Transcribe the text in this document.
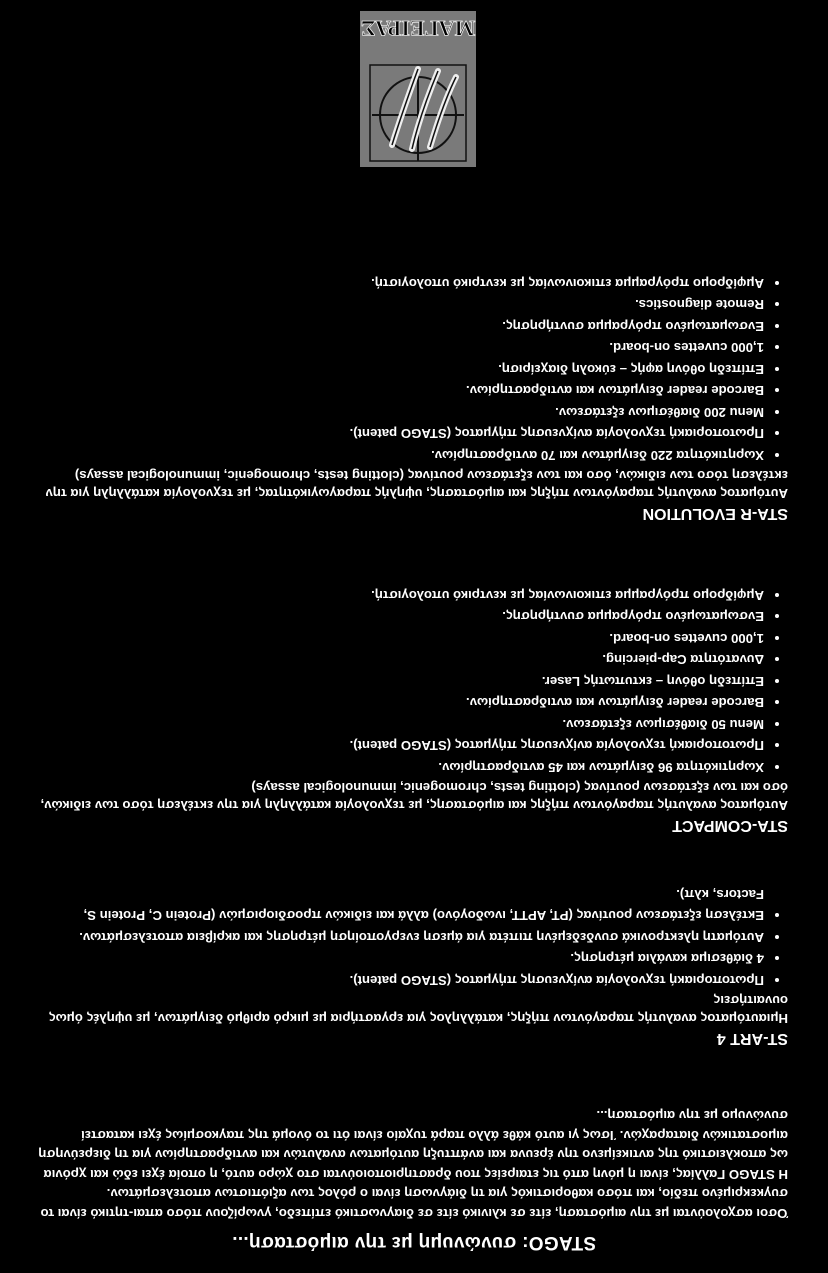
STAGO: συνώνυμη με την αιμόσταση...

Όσοι ασχολούνται με την αιμόσταση, είτε σε κλινικό είτε σε διαγνωστικό επίπεδο, γνωρίζουν πόσο απαι-τητικό είναι το συγκεκριμένο πεδίο, και πόσο καθοριστικός για τη διάγνωση είναι ο ρόλος των αξιόπιστων αποτελεσμάτων.

Η STAGO Γαλλίας, είναι η μόνη από τις εταιρείες που δραστηριοποιούνται στο χώρο αυτό, η οποία έχει εδώ και χρόνια ως αποκλειστικό της αντικείμενο την έρευνα και ανάπτυξη αυτόματων αναλυτών και αντιδραστηρίων για τη διερεύνηση αιμοστατικών διαταραχών. Ίσως γι αυτό κάθε άλλο παρά τυχαίο είναι ότι το όνομά της παγκοσμίως έχει καταστεί συνώνυμο με την αιμόσταση...

ST-ART 4

Ημιαυτόματος αναλυτής παραγόντων πήξης, κατάλληλος για εργαστήρια με μικρό αριθμό δειγμάτων, με υψηλές όμως ουναιτήσεις

• Πρωτοποριακή τεχνολογία ανίχνευσης πήγματος (STAGO patent).
• 4 διάθεσιμα κανάλια μέτρησης.
• Αυτόματη ηλεκτρονικά συνδεδεμένη πιπέτα για άμεση ενεργοποίηση μέτρησης και ακρίβεια αποτελεσμάτων.
• Εκτέλεση εξετάσεων ρουτίνας (PT, APTT, ινωδογόνο) αλλά και ειδικών προσδιορισμών (Protein C, Protein S, Factors, κλπ).
STA-COMPACT

Αυτόματος αναλυτής παραγόντων πήξης και αιμόστασης, με τεχνολογία κατάλληλη για την εκτέλεση τόσο των ειδικών, όσο και των εξετάσεων ρουτίνας (clotting tests, chromogenic, immunological assays)

• Χωρητικότητα 96 δειγμάτων και 45 αντιδραστηρίων.
• Πρωτοποριακή τεχνολογία ανίχνευσης πήγματος (STAGO patent).
• Menu 50 διαθέσιμων εξετάσεων.
• Barcode reader δειγμάτων και αντιδραστηρίων.
• Επίπεδη οθόνη – εκτυπωτής Laser.
• Δυνατότητα Cap-piercing.
• 1,000 cuvettes on-board.
• Ενσωματωμένο πρόγραμμα συντήρησης.
• Αμφίδρομο πρόγραμμα επικοινωνίας με κεντρικό υπολογιστή.
STA-R EVOLUTION

Αυτόματος αναλυτής παραγόντων πήξης και αιμόστασης, υψηλής παραγωγικότητας, με τεχνολογία κατάλληλη για την εκτέλεση τόσο των ειδικών, όσο και των εξετάσεων ρουτίνας (clotting tests, chromogenic, immunological assays)

• Χωρητικότητα 220 δειγμάτων και 70 αντιδραστηρίων.
• Πρωτοποριακή τεχνολογία ανίχνευσης πήγματος (STAGO patent).
• Menu 200 διαθέσιμων εξετάσεων.
• Barcode reader δειγμάτων και αντιδραστηρίων.
• Επίπεδη οθόνη αφής – εύκολη διαχείριση.
• 1,000 cuvettes on-board.
• Ενσωματωμένο πρόγραμμα συντήρησης.
• Remote diagnostics.
• Αμφίδρομο πρόγραμμα επικοινωνίας με κεντρικό υπολογιστή.
ΜΑΓΕΙΡΑΣ
